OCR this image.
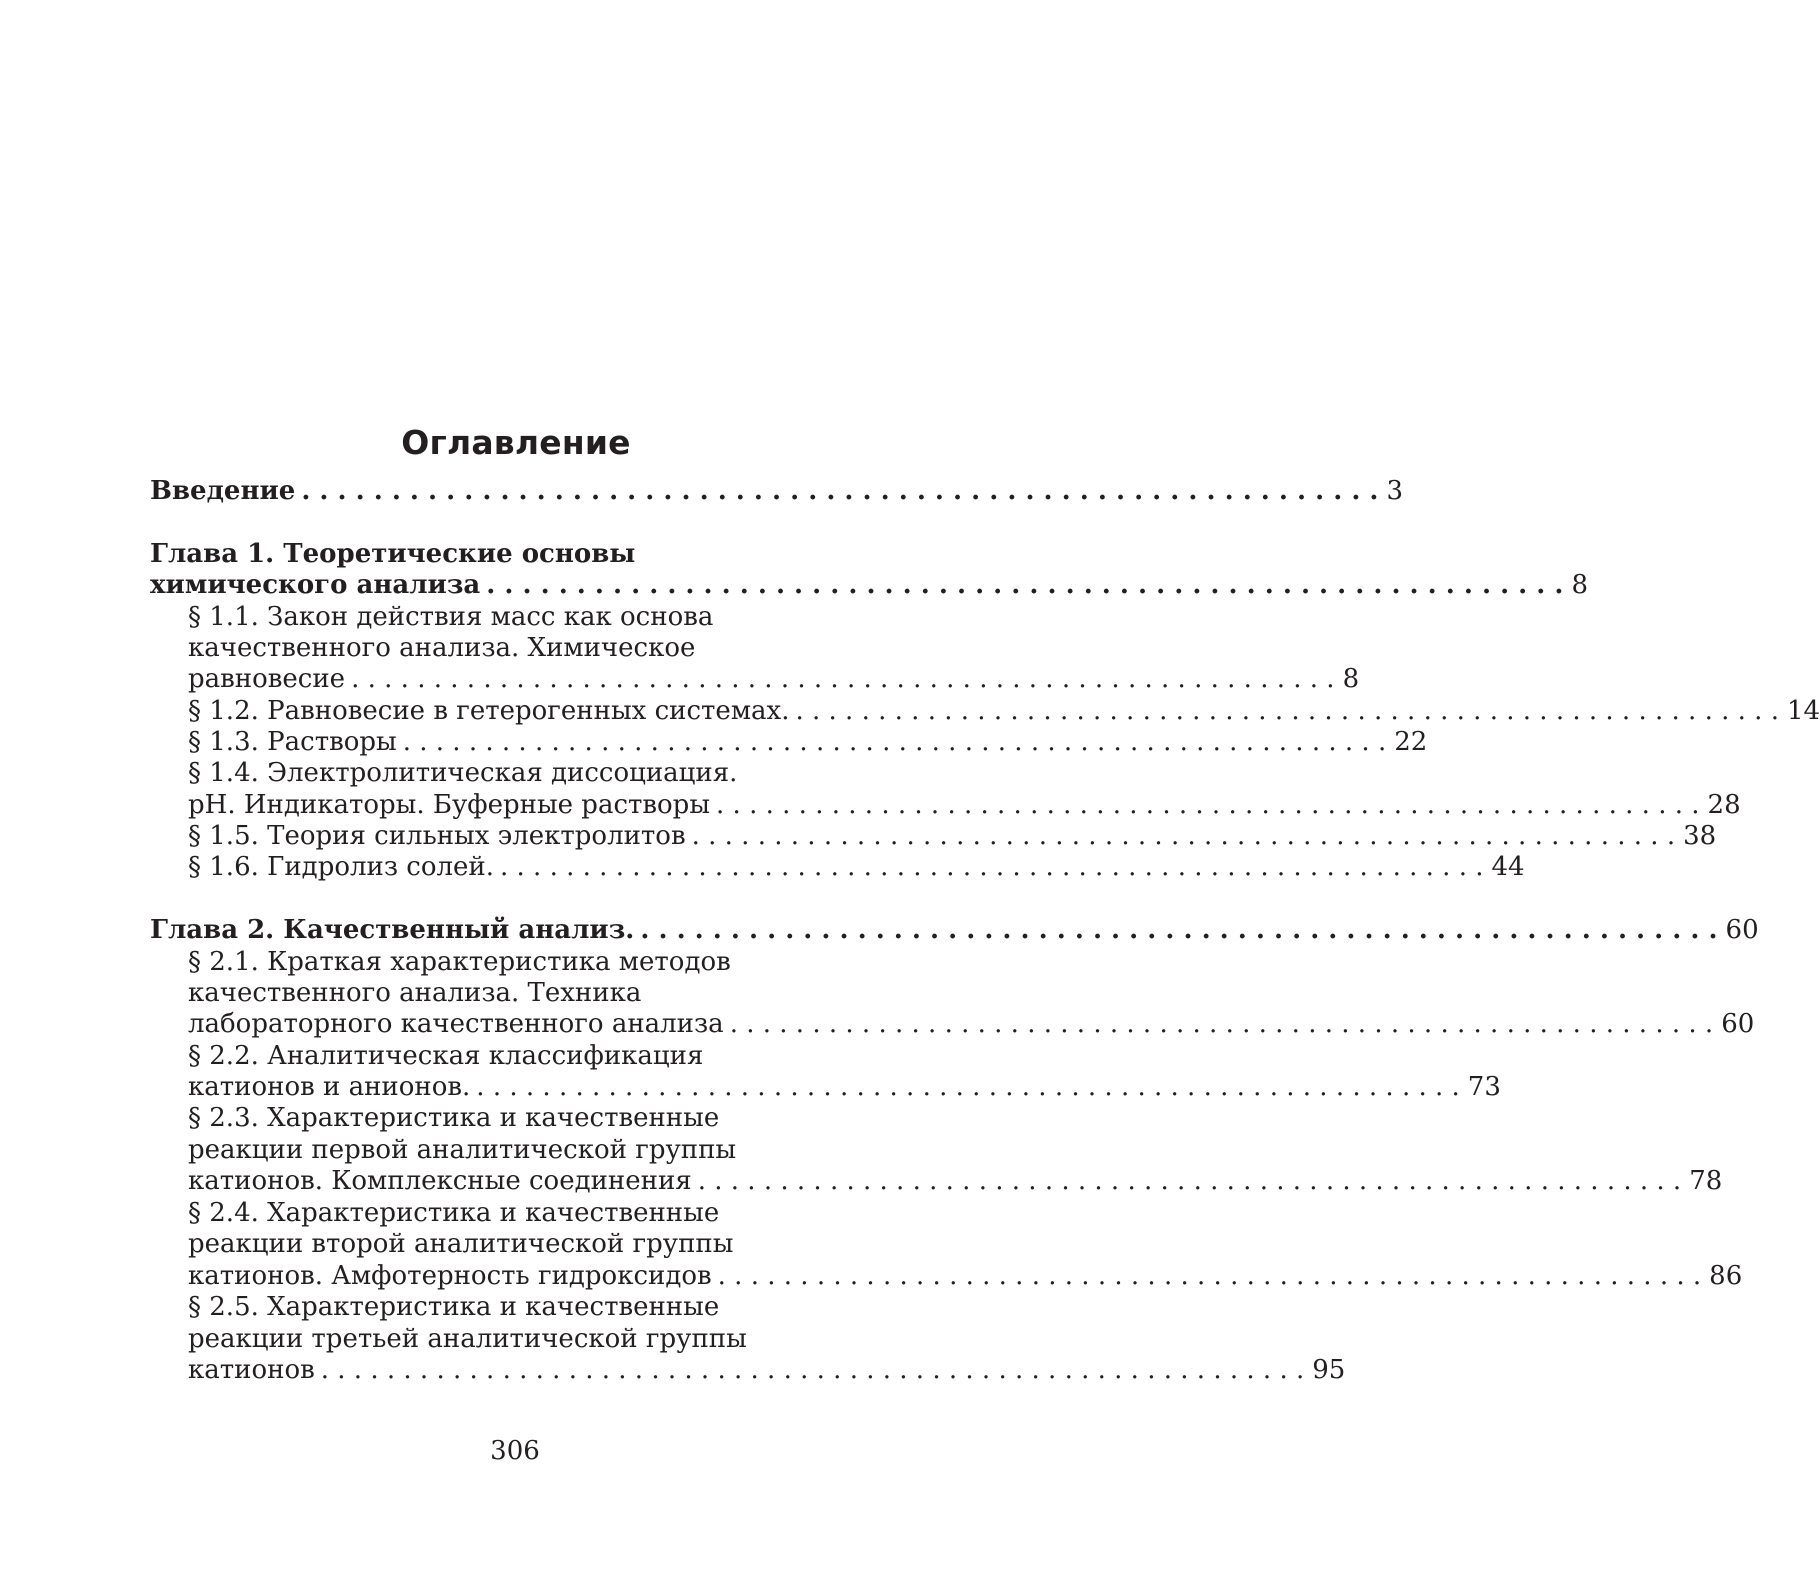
Оглавление
Введение . . . . . . . . . . . . . . . . . . . . . . . . . . . . . . . . . . . . . . . . . . . . . . . . . . . . . . . . . . . . 3
Глава 1. Теоретические основы
химического анализа . . . . . . . . . . . . . . . . . . . . . . . . . . . . . . . . . . . . . . . . . . . . . . . . . . . . . . . . . . . . 8
§ 1.1. Закон действия масс как основа
качественного анализа. Химическое
равновесие . . . . . . . . . . . . . . . . . . . . . . . . . . . . . . . . . . . . . . . . . . . . . . . . . . . . . . . . . . . . 8
§ 1.2. Равновесие в гетерогенных системах. . . . . . . . . . . . . . . . . . . . . . . . . . . . . . . . . . . . . . . . . . . . . . . . . . . . . . . . . . . . . 14
§ 1.3. Растворы . . . . . . . . . . . . . . . . . . . . . . . . . . . . . . . . . . . . . . . . . . . . . . . . . . . . . . . . . . . . 22
§ 1.4. Электролитическая диссоциация.
рН. Индикаторы. Буферные растворы . . . . . . . . . . . . . . . . . . . . . . . . . . . . . . . . . . . . . . . . . . . . . . . . . . . . . . . . . . . . 28
§ 1.5. Теория сильных электролитов . . . . . . . . . . . . . . . . . . . . . . . . . . . . . . . . . . . . . . . . . . . . . . . . . . . . . . . . . . . . 38
§ 1.6. Гидролиз солей. . . . . . . . . . . . . . . . . . . . . . . . . . . . . . . . . . . . . . . . . . . . . . . . . . . . . . . . . . . . . 44
Глава 2. Качественный анализ. . . . . . . . . . . . . . . . . . . . . . . . . . . . . . . . . . . . . . . . . . . . . . . . . . . . . . . . . . . . . 60
§ 2.1. Краткая характеристика методов
качественного анализа. Техника
лабораторного качественного анализа . . . . . . . . . . . . . . . . . . . . . . . . . . . . . . . . . . . . . . . . . . . . . . . . . . . . . . . . . . . . 60
§ 2.2. Аналитическая классификация
катионов и анионов. . . . . . . . . . . . . . . . . . . . . . . . . . . . . . . . . . . . . . . . . . . . . . . . . . . . . . . . . . . . . 73
§ 2.3. Характеристика и качественные
реакции первой аналитической группы
катионов. Комплексные соединения . . . . . . . . . . . . . . . . . . . . . . . . . . . . . . . . . . . . . . . . . . . . . . . . . . . . . . . . . . . . 78
§ 2.4. Характеристика и качественные
реакции второй аналитической группы
катионов. Амфотерность гидроксидов . . . . . . . . . . . . . . . . . . . . . . . . . . . . . . . . . . . . . . . . . . . . . . . . . . . . . . . . . . . . 86
§ 2.5. Характеристика и качественные
реакции третьей аналитической группы
катионов . . . . . . . . . . . . . . . . . . . . . . . . . . . . . . . . . . . . . . . . . . . . . . . . . . . . . . . . . . . . 95
306
